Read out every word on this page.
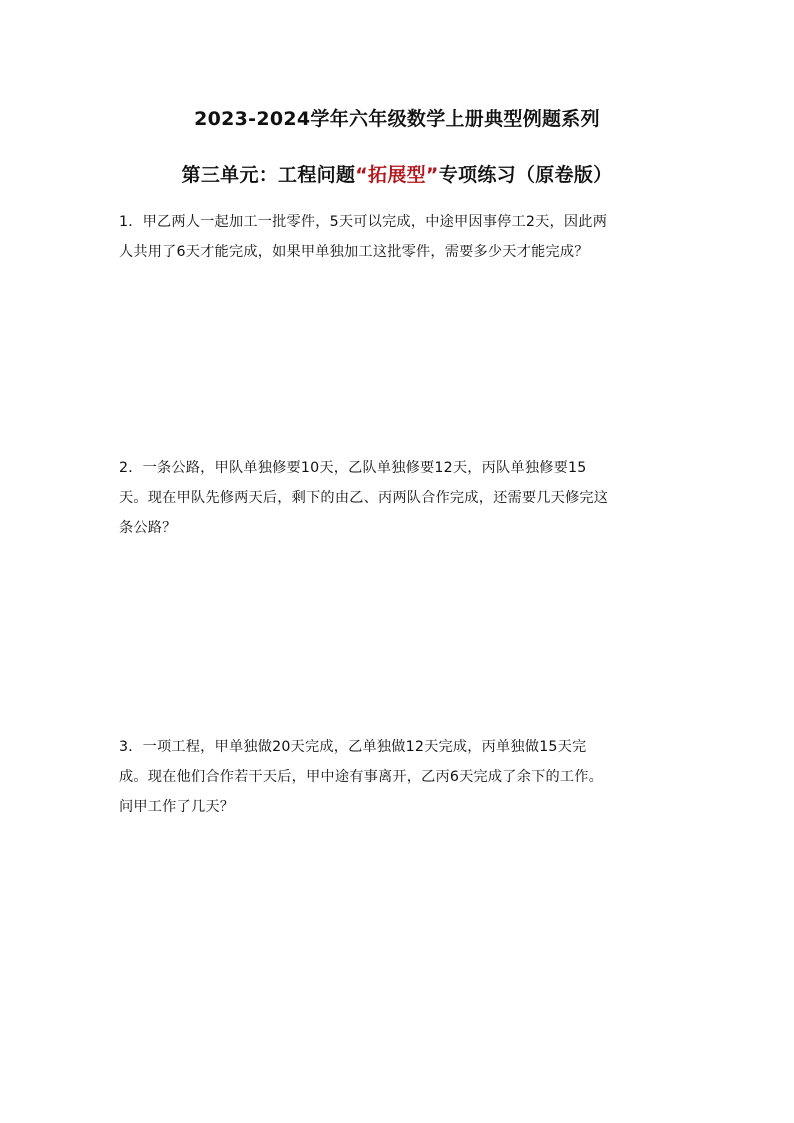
2023-2024学年六年级数学上册典型例题系列
第三单元：工程问题“拓展型”专项练习（原卷版）
1．甲乙两人一起加工一批零件，5天可以完成，中途甲因事停工2天，因此两
人共用了6天才能完成，如果甲单独加工这批零件，需要多少天才能完成？
2．一条公路，甲队单独修要10天，乙队单独修要12天，丙队单独修要15
天。现在甲队先修两天后，剩下的由乙、丙两队合作完成，还需要几天修完这
条公路？
3．一项工程，甲单独做20天完成，乙单独做12天完成，丙单独做15天完
成。现在他们合作若干天后，甲中途有事离开，乙丙6天完成了余下的工作。
问甲工作了几天？
